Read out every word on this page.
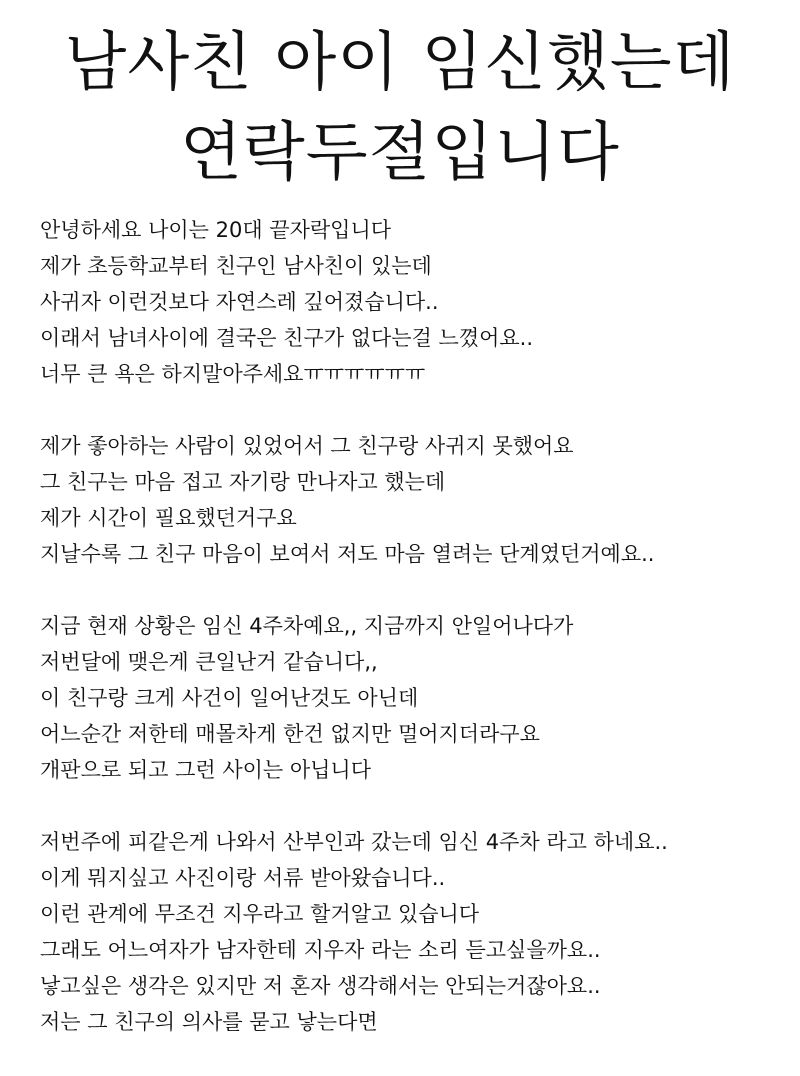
남사친 아이 임신했는데
연락두절입니다
안녕하세요 나이는 20대 끝자락입니다
제가 초등학교부터 친구인 남사친이 있는데
사귀자 이런것보다 자연스레 깊어졌습니다..
이래서 남녀사이에 결국은 친구가 없다는걸 느꼈어요..
너무 큰 욕은 하지말아주세요ㅠㅠㅠㅠㅠㅠ
제가 좋아하는 사람이 있었어서 그 친구랑 사귀지 못했어요
그 친구는 마음 접고 자기랑 만나자고 했는데
제가 시간이 필요했던거구요
지날수록 그 친구 마음이 보여서 저도 마음 열려는 단계였던거예요..
지금 현재 상황은 임신 4주차예요,, 지금까지 안일어나다가
저번달에 맺은게 큰일난거 같습니다,,
이 친구랑 크게 사건이 일어난것도 아닌데
어느순간 저한테 매몰차게 한건 없지만 멀어지더라구요
개판으로 되고 그런 사이는 아닙니다
저번주에 피같은게 나와서 산부인과 갔는데 임신 4주차 라고 하네요..
이게 뭐지싶고 사진이랑 서류 받아왔습니다..
이런 관계에 무조건 지우라고 할거알고 있습니다
그래도 어느여자가 남자한테 지우자 라는 소리 듣고싶을까요..
낳고싶은 생각은 있지만 저 혼자 생각해서는 안되는거잖아요..
저는 그 친구의 의사를 묻고 낳는다면
